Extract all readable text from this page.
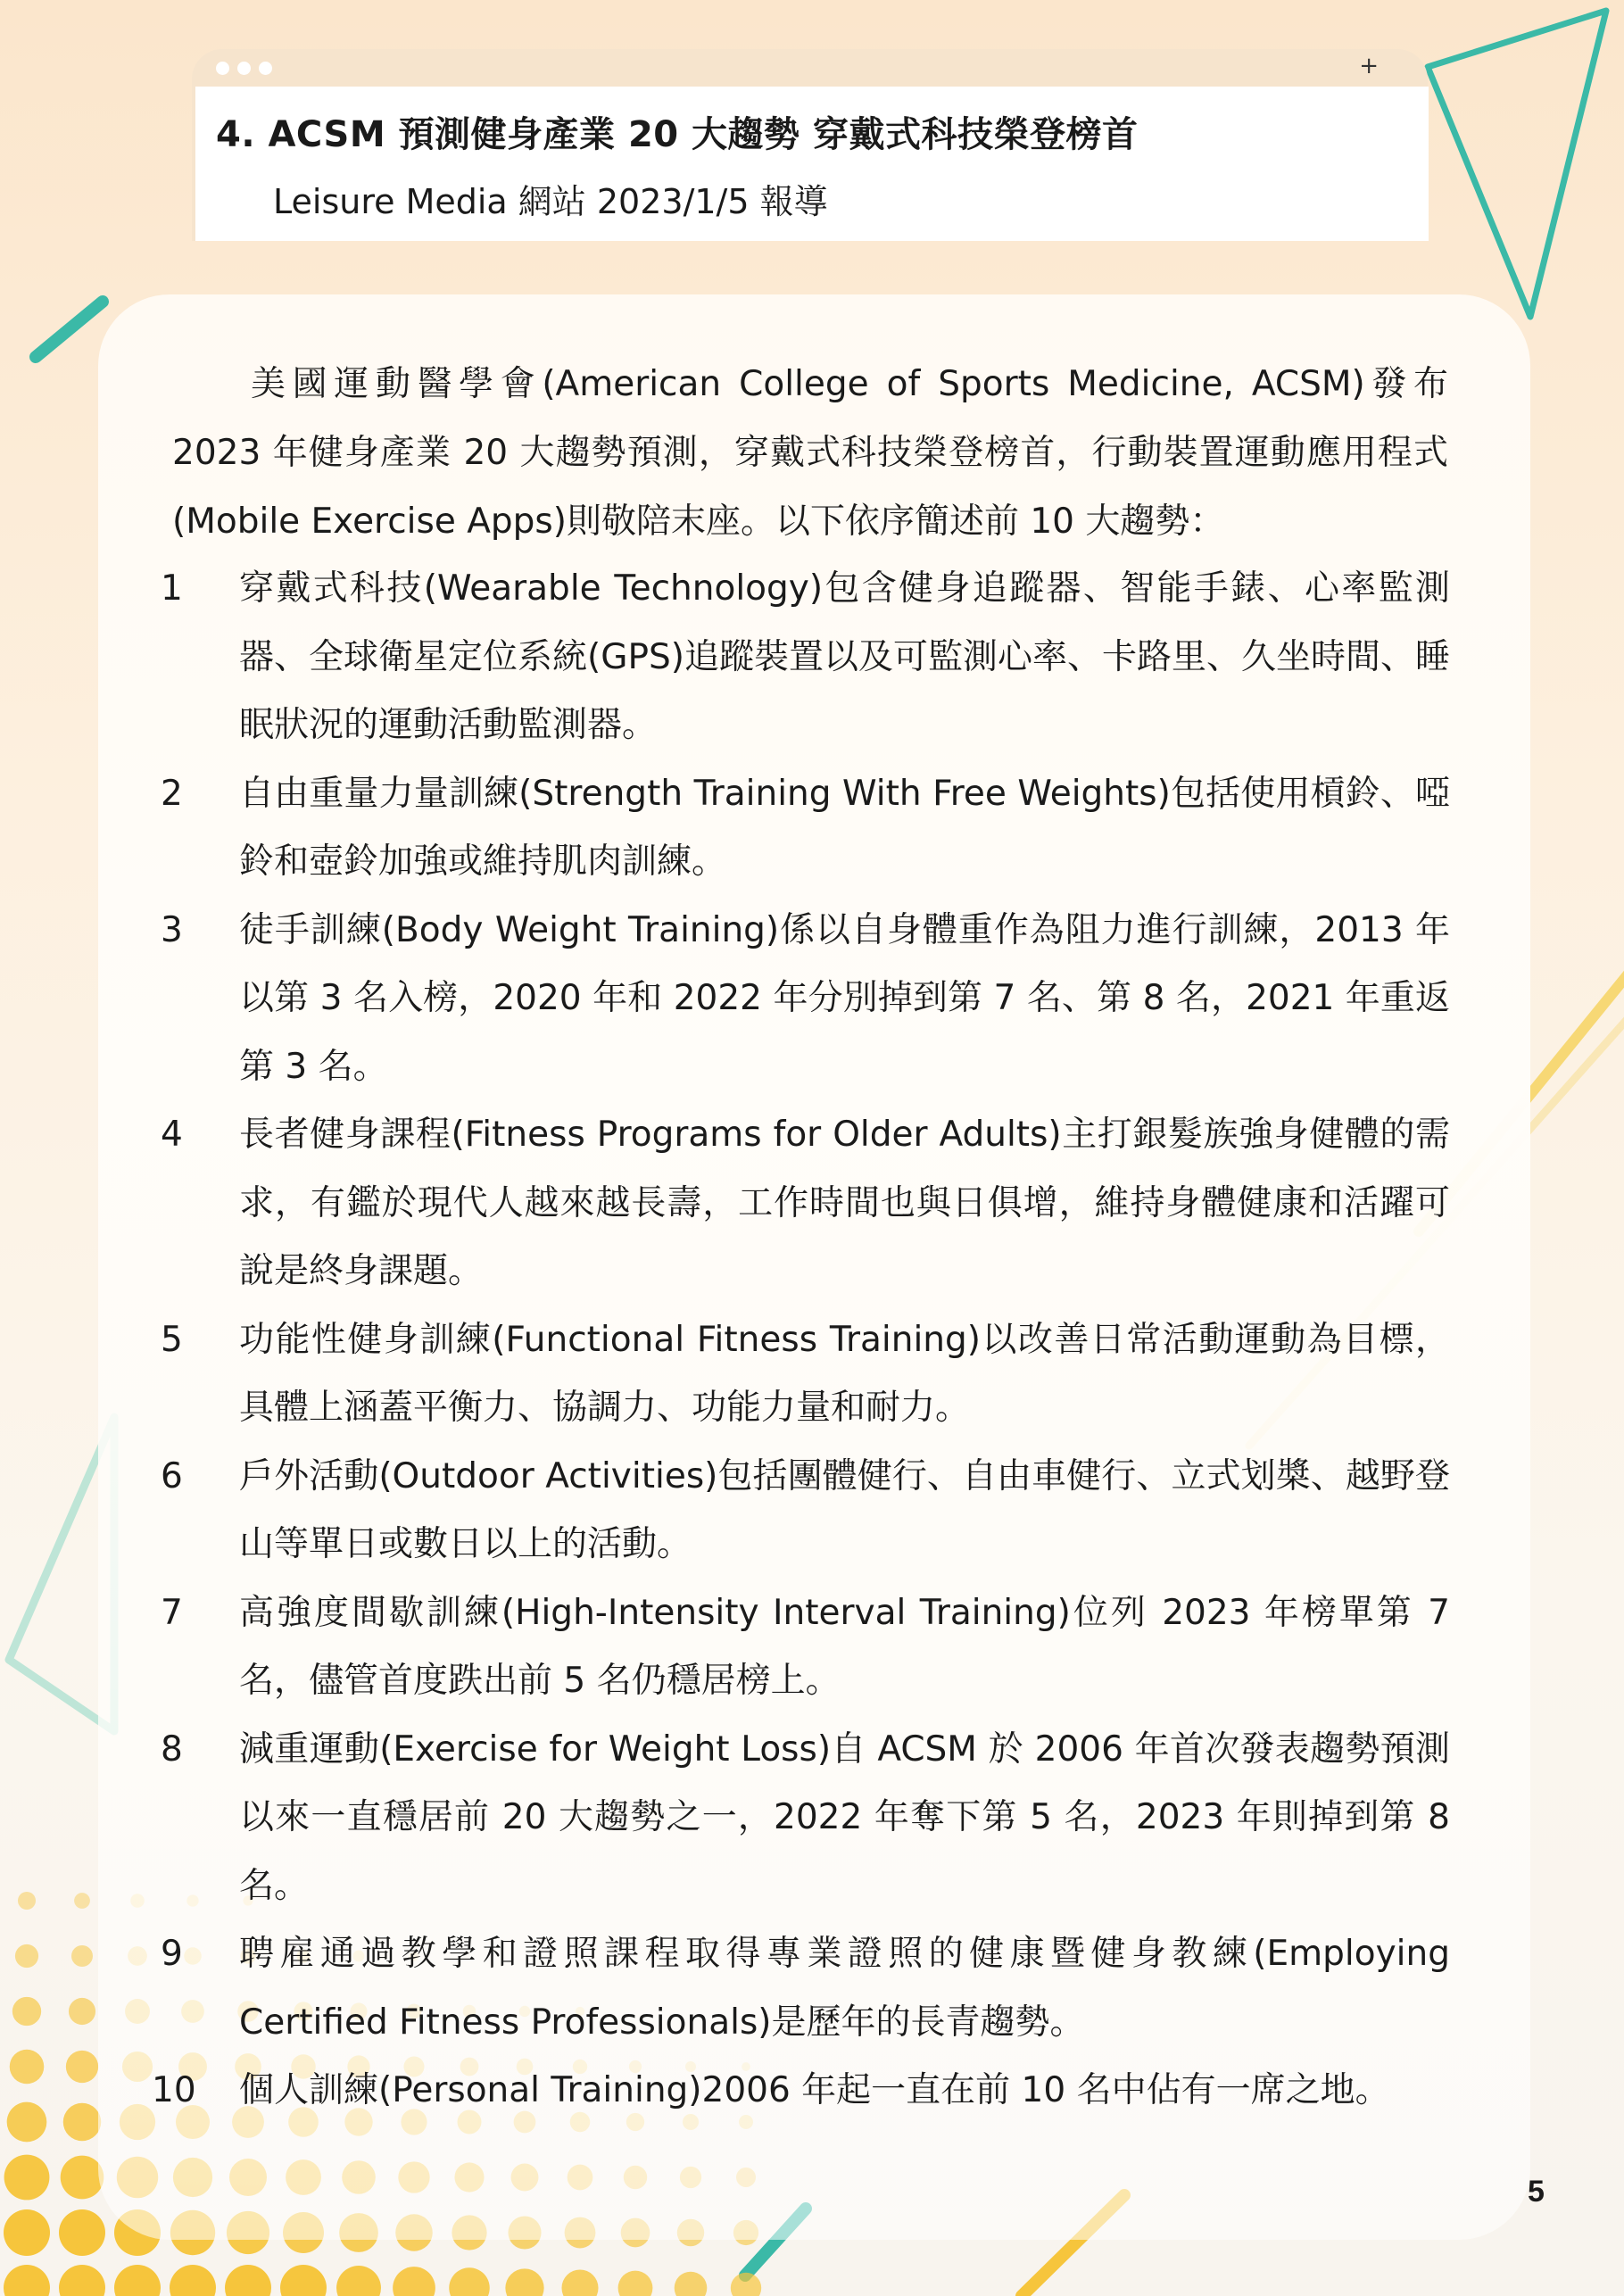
+
4. ACSM 預測健身產業 20 大趨勢 穿戴式科技榮登榜首
Leisure Media 網站 2023/1/5 報導
美國運動醫學會(American College of Sports Medicine, ACSM)發布 2023 年健身產業 20 大趨勢預測，穿戴式科技榮登榜首，行動裝置運動應用程式(Mobile Exercise Apps)則敬陪末座。以下依序簡述前 10 大趨勢：
1	穿戴式科技(Wearable Technology)包含健身追蹤器、智能手錶、心率監測器、全球衛星定位系統(GPS)追蹤裝置以及可監測心率、卡路里、久坐時間、睡眠狀況的運動活動監測器。
2	自由重量力量訓練(Strength Training With Free Weights)包括使用槓鈴、啞鈴和壺鈴加強或維持肌肉訓練。
3	徒手訓練(Body Weight Training)係以自身體重作為阻力進行訓練，2013 年以第 3 名入榜，2020 年和 2022 年分別掉到第 7 名、第 8 名，2021 年重返第 3 名。
4	長者健身課程(Fitness Programs for Older Adults)主打銀髮族強身健體的需求，有鑑於現代人越來越長壽，工作時間也與日俱增，維持身體健康和活躍可說是終身課題。
5	功能性健身訓練(Functional Fitness Training)以改善日常活動運動為目標，具體上涵蓋平衡力、協調力、功能力量和耐力。
6	戶外活動(Outdoor Activities)包括團體健行、自由車健行、立式划槳、越野登山等單日或數日以上的活動。
7	高強度間歇訓練(High-Intensity Interval Training)位列 2023 年榜單第 7 名，儘管首度跌出前 5 名仍穩居榜上。
8	減重運動(Exercise for Weight Loss)自 ACSM 於 2006 年首次發表趨勢預測以來一直穩居前 20 大趨勢之一，2022 年奪下第 5 名，2023 年則掉到第 8 名。
9	聘雇通過教學和證照課程取得專業證照的健康暨健身教練(Employing Certified Fitness Professionals)是歷年的長青趨勢。
10	個人訓練(Personal Training)2006 年起一直在前 10 名中佔有一席之地。
5
